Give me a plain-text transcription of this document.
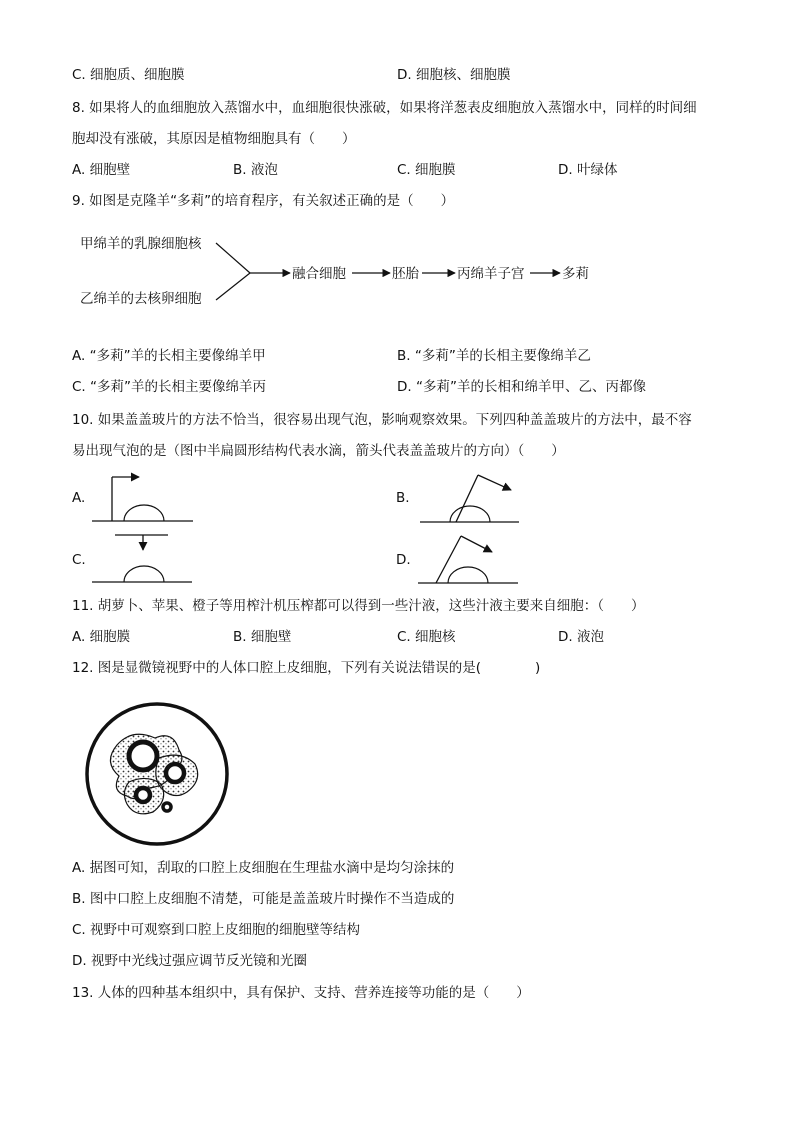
C. 细胞质、细胞膜	D. 细胞核、细胞膜
8. 如果将人的血细胞放入蒸馏水中，血细胞很快涨破，如果将洋葱表皮细胞放入蒸馏水中，同样的时间细
胞却没有涨破，其原因是植物细胞具有（　　）
A. 细胞壁	B. 液泡	C. 细胞膜	D. 叶绿体
9. 如图是克隆羊“多莉”的培育程序，有关叙述正确的是（　　）
甲绵羊的乳腺细胞核
乙绵羊的去核卵细胞
融合细胞	胚胎	丙绵羊子宫	多莉
A. “多莉”羊的长相主要像绵羊甲	B. “多莉”羊的长相主要像绵羊乙
C. “多莉”羊的长相主要像绵羊丙	D. “多莉”羊的长相和绵羊甲、乙、丙都像
10. 如果盖盖玻片的方法不恰当，很容易出现气泡，影响观察效果。下列四种盖盖玻片的方法中，最不容
易出现气泡的是（图中半扁圆形结构代表水滴，箭头代表盖盖玻片的方向）（　　）
A.	B.
C.	D.
11. 胡萝卜、苹果、橙子等用榨汁机压榨都可以得到一些汁液，这些汁液主要来自细胞：（　　）
A. 细胞膜	B. 细胞壁	C. 细胞核	D. 液泡
12. 图是显微镜视野中的人体口腔上皮细胞，下列有关说法错误的是(　　　　)
A. 据图可知，刮取的口腔上皮细胞在生理盐水滴中是均匀涂抹的
B. 图中口腔上皮细胞不清楚，可能是盖盖玻片时操作不当造成的
C. 视野中可观察到口腔上皮细胞的细胞壁等结构
D. 视野中光线过强应调节反光镜和光圈
13. 人体的四种基本组织中，具有保护、支持、营养连接等功能的是（　　）
